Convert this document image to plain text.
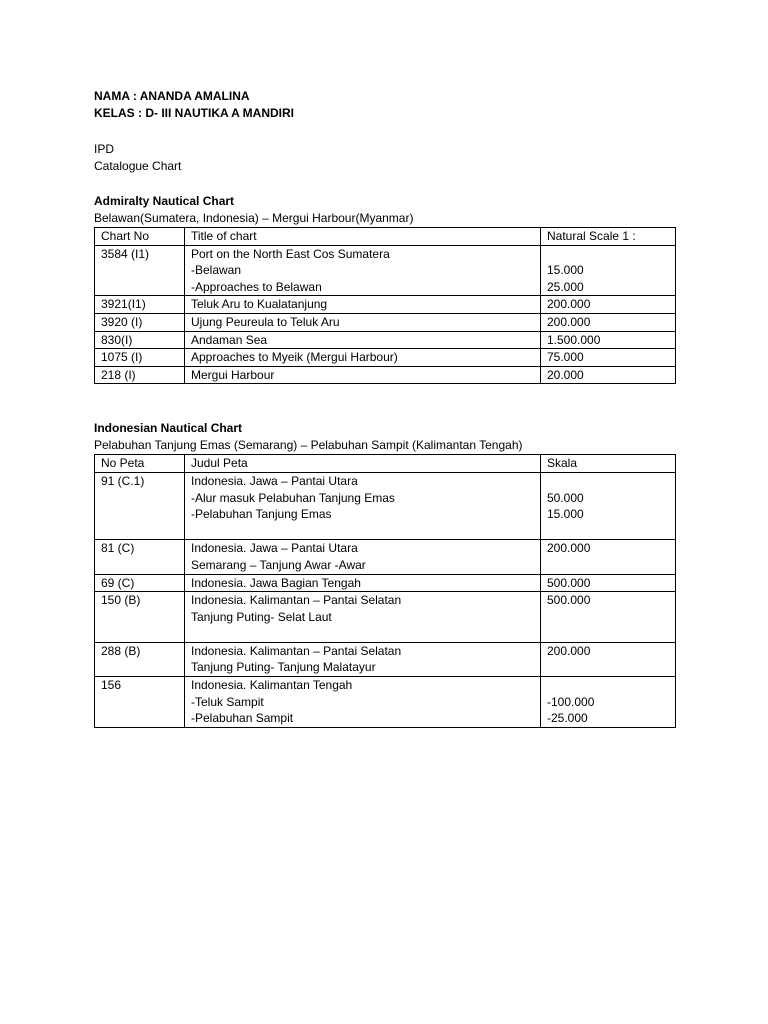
NAMA : ANANDA AMALINA
KELAS : D- III NAUTIKA A MANDIRI
IPD
Catalogue Chart
Admiralty Nautical Chart
Belawan(Sumatera, Indonesia) – Mergui Harbour(Myanmar)
Chart No	Title of chart	Natural Scale 1 :

3584 (I1)	Port on the North East Cos Sumatera
-Belawan
-Approaches to Belawan	15.000
25.000

3921(I1)	Teluk Aru to Kualatanjung	200.000

3920 (I)	Ujung Peureula to Teluk Aru	200.000

830(I)	Andaman Sea	1.500.000

1075 (I)	Approaches to Myeik (Mergui Harbour)	75.000

218 (I)	Mergui Harbour	20.000
Indonesian Nautical Chart
Pelabuhan Tanjung Emas (Semarang) – Pelabuhan Sampit (Kalimantan Tengah)
No Peta	Judul Peta	Skala

91 (C.1)	Indonesia. Jawa – Pantai Utara
-Alur masuk Pelabuhan Tanjung Emas
-Pelabuhan Tanjung Emas	50.000
15.000

81 (C)	Indonesia. Jawa – Pantai Utara
Semarang – Tanjung Awar -Awar	200.000

69 (C)	Indonesia. Jawa Bagian Tengah	500.000

150 (B)	Indonesia. Kalimantan – Pantai Selatan
Tanjung Puting- Selat Laut	500.000

288 (B)	Indonesia. Kalimantan – Pantai Selatan
Tanjung Puting- Tanjung Malatayur	200.000

156	Indonesia. Kalimantan Tengah
-Teluk Sampit
-Pelabuhan Sampit	-100.000
-25.000
